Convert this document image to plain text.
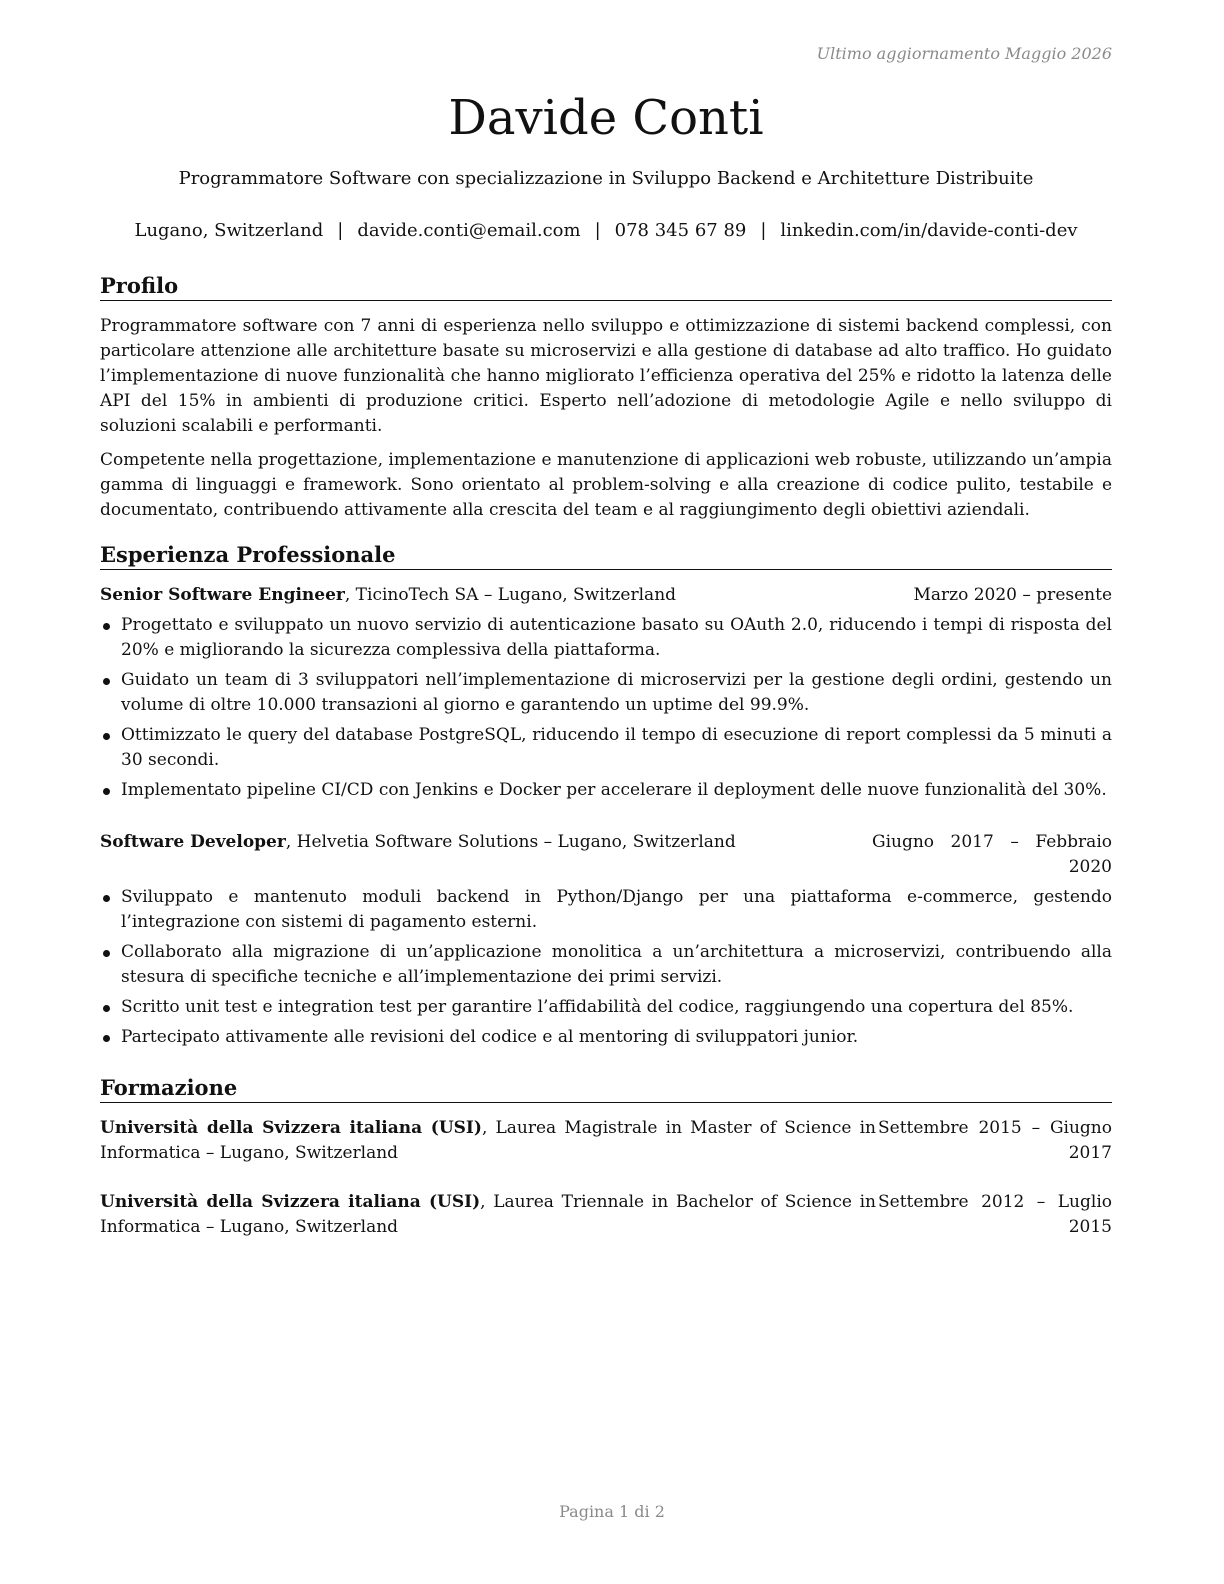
Ultimo aggiornamento Maggio 2026
Davide Conti
Programmatore Software con specializzazione in Sviluppo Backend e Architetture Distribuite
Lugano, Switzerland | davide.conti@email.com | 078 345 67 89 | linkedin.com/in/davide-conti-dev
Profilo

Programmatore software con 7 anni di esperienza nello sviluppo e ottimizzazione di sistemi backend complessi, con particolare attenzione alle architetture basate su microservizi e alla gestione di database ad alto traffico. Ho guidato l’implementazione di nuove funzionalità che hanno migliorato l’efficienza operativa del 25% e ridotto la latenza delle API del 15% in ambienti di produzione critici. Esperto nell’adozione di metodologie Agile e nello sviluppo di soluzioni scalabili e performanti.

Competente nella progettazione, implementazione e manutenzione di applicazioni web robuste, utilizzando un’ampia gamma di linguaggi e framework. Sono orientato al problem-solving e alla creazione di codice pulito, testabile e documentato, contribuendo attivamente alla crescita del team e al raggiungimento degli obiettivi aziendali.

Esperienza Professionale
Senior Software Engineer, TicinoTech SA – Lugano, Switzerland	Marzo 2020 – presente
Progettato e sviluppato un nuovo servizio di autenticazione basato su OAuth 2.0, riducendo i tempi di risposta del 20% e migliorando la sicurezza complessiva della piattaforma.
Guidato un team di 3 sviluppatori nell’implementazione di microservizi per la gestione degli ordini, gestendo un volume di oltre 10.000 transazioni al giorno e garantendo un uptime del 99.9%.
Ottimizzato le query del database PostgreSQL, riducendo il tempo di esecuzione di report complessi da 5 minuti a 30 secondi.
Implementato pipeline CI/CD con Jenkins e Docker per accelerare il deployment delle nuove funzionalità del 30%.
Software Developer, Helvetia Software Solutions – Lugano, Switzerland	Giugno 2017 – Febbraio 2020
Sviluppato e mantenuto moduli backend in Python/Django per una piattaforma e-commerce, gestendo l’integrazione con sistemi di pagamento esterni.
Collaborato alla migrazione di un’applicazione monolitica a un’architettura a microservizi, contribuendo alla stesura di specifiche tecniche e all’implementazione dei primi servizi.
Scritto unit test e integration test per garantire l’affidabilità del codice, raggiungendo una copertura del 85%.
Partecipato attivamente alle revisioni del codice e al mentoring di sviluppatori junior.
Formazione
Università della Svizzera italiana (USI), Laurea Magistrale in Master of Science in Informatica – Lugano, Switzerland
Settembre 2015 – Giugno 2017
Università della Svizzera italiana (USI), Laurea Triennale in Bachelor of Science in Informatica – Lugano, Switzerland
Settembre 2012 – Luglio 2015
Pagina 1 di 2
